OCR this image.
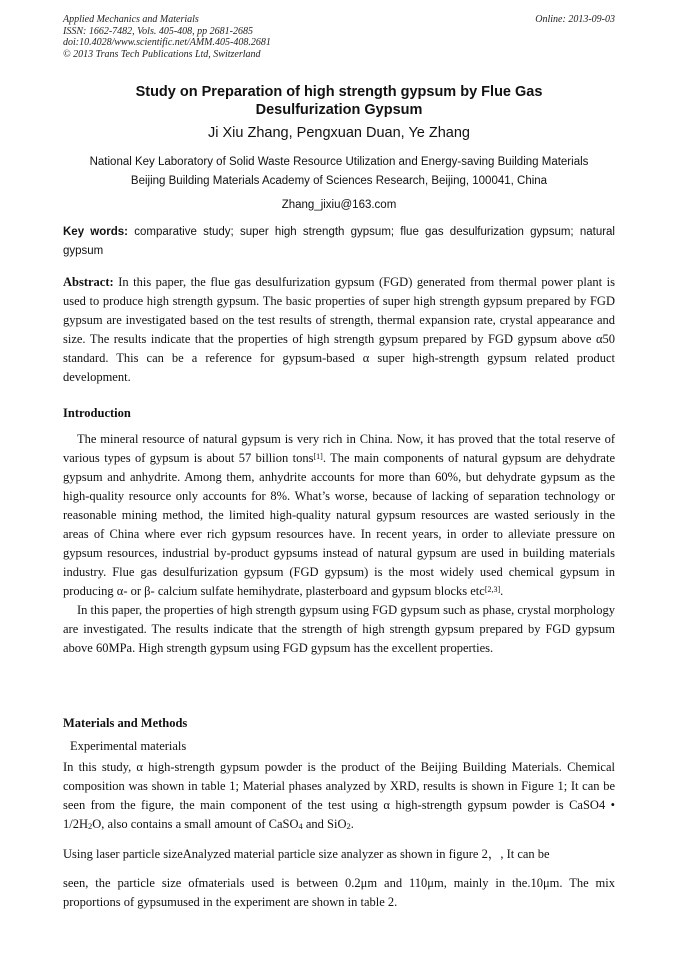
Applied Mechanics and Materials
ISSN: 1662-7482, Vols. 405-408, pp 2681-2685
doi:10.4028/www.scientific.net/AMM.405-408.2681
© 2013 Trans Tech Publications Ltd, Switzerland
Online: 2013-09-03
Study on Preparation of high strength gypsum by Flue Gas
Desulfurization Gypsum
Ji Xiu Zhang, Pengxuan Duan, Ye Zhang
National Key Laboratory of Solid Waste Resource Utilization and Energy-saving Building Materials
Beijing Building Materials Academy of Sciences Research, Beijing, 100041, China
Zhang_jixiu@163.com
Key words: comparative study; super high strength gypsum; flue gas desulfurization gypsum; natural gypsum
Abstract: In this paper, the flue gas desulfurization gypsum (FGD) generated from thermal power plant is used to produce high strength gypsum. The basic properties of super high strength gypsum prepared by FGD gypsum are investigated based on the test results of strength, thermal expansion rate, crystal appearance and size. The results indicate that the properties of high strength gypsum prepared by FGD gypsum above α50 standard. This can be a reference for gypsum-based α super high-strength gypsum related product development.
Introduction

The mineral resource of natural gypsum is very rich in China. Now, it has proved that the total reserve of various types of gypsum is about 57 billion tons[1]. The main components of natural gypsum are dehydrate gypsum and anhydrite. Among them, anhydrite accounts for more than 60%, but dehydrate gypsum as the high-quality resource only accounts for 8%. What’s worse, because of lacking of separation technology or reasonable mining method, the limited high-quality natural gypsum resources are wasted seriously in the areas of China where ever rich gypsum resources have. In recent years, in order to alleviate pressure on gypsum resources, industrial by-product gypsums instead of natural gypsum are used in building materials industry. Flue gas desulfurization gypsum (FGD gypsum) is the most widely used chemical gypsum in producing α- or β- calcium sulfate hemihydrate, plasterboard and gypsum blocks etc[2,3].

In this paper, the properties of high strength gypsum using FGD gypsum such as phase, crystal morphology are investigated. The results indicate that the strength of high strength gypsum prepared by FGD gypsum above 60MPa. High strength gypsum using FGD gypsum has the excellent properties.

Materials and Methods
Experimental materials

In this study, α high-strength gypsum powder is the product of the Beijing Building Materials. Chemical composition was shown in table 1; Material phases analyzed by XRD, results is shown in Figure 1; It can be seen from the figure, the main component of the test using α high-strength gypsum powder is CaSO4 • $1/2H_2O$, also contains a small amount of CaSO$_4$ and SiO$_2$.

Using laser particle sizeAnalyzed material particle size analyzer as shown in figure 2，, It can be

seen, the particle size ofmaterials used is between 0.2μm and 110μm, mainly in the.10μm. The mix proportions of gypsumused in the experiment are shown in table 2.
